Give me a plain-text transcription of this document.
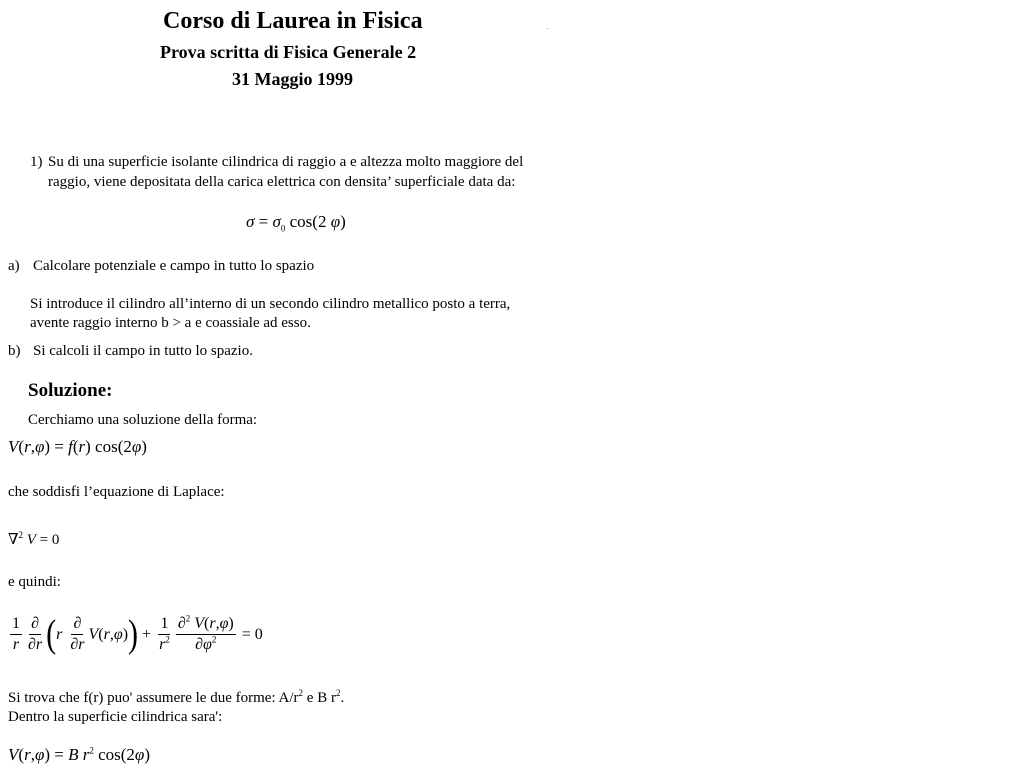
Corso di Laurea in Fisica
Prova scritta di Fisica Generale 2
31 Maggio 1999
1) Su di una superficie isolante cilindrica di raggio a e altezza molto maggiore del
raggio, viene depositata della carica elettrica con densita’ superficiale data da:
$\sigma = \sigma_0$ cos(2 φ)
a) Calcolare potenziale e campo in tutto lo spazio
Si introduce il cilindro all’interno di un secondo cilindro metallico posto a terra,
avente raggio interno b > a e coassiale ad esso.
b) Si calcoli il campo in tutto lo spazio.
Soluzione:
Cerchiamo una soluzione della forma:
V(r,φ) = f(r) cos(2φ)
che soddisfi l’equazione di Laplace:
∇$^2$ V = 0
e quindi:
$\frac{1}{r} \frac{\partial}{\partial r}$ ( r
$\frac{\partial}{\partial r}$ V ( r , φ ) ) + $\frac{1}{r^2} \frac{\partial^2 V(r,\varphi)}{\partial\varphi^2} = 0$
Si trova che f(r) puo' assumere le due forme: $A/r^2$ e B $r^2$.
Dentro la superficie cilindrica sara':
V(r,φ) = B $r^2$ cos(2φ)
